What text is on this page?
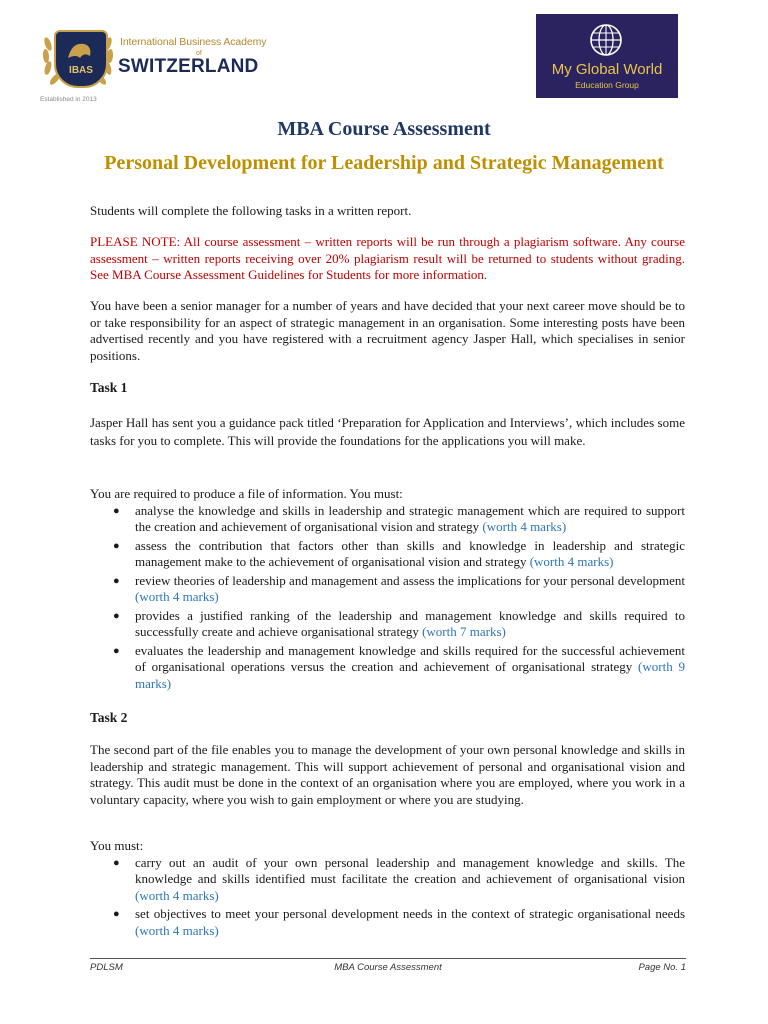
IBAS
International Business Academy
of
SWITZERLAND
Established in 2013
My Global World
Education Group
MBA Course Assessment
Personal Development for Leadership and Strategic Management

Students will complete the following tasks in a written report.

PLEASE NOTE: All course assessment – written reports will be run through a plagiarism software. Any course assessment – written reports receiving over 20% plagiarism result will be returned to students without grading. See MBA Course Assessment Guidelines for Students for more information.

You have been a senior manager for a number of years and have decided that your next career move should be to or take responsibility for an aspect of strategic management in an organisation. Some interesting posts have been advertised recently and you have registered with a recruitment agency Jasper Hall, which specialises in senior positions.

Task 1

Jasper Hall has sent you a guidance pack titled ‘Preparation for Application and Interviews’, which includes some tasks for you to complete. This will provide the foundations for the applications you will make.

You are required to produce a file of information. You must:

● analyse the knowledge and skills in leadership and strategic management which are required to support the creation and achievement of organisational vision and strategy (worth 4 marks)
● assess the contribution that factors other than skills and knowledge in leadership and strategic management make to the achievement of organisational vision and strategy (worth 4 marks)
● review theories of leadership and management and assess the implications for your personal development (worth 4 marks)
● provides a justified ranking of the leadership and management knowledge and skills required to successfully create and achieve organisational strategy (worth 7 marks)
● evaluates the leadership and management knowledge and skills required for the successful achievement of organisational operations versus the creation and achievement of organisational strategy (worth 9 marks)

Task 2

The second part of the file enables you to manage the development of your own personal knowledge and skills in leadership and strategic management. This will support achievement of personal and organisational vision and strategy. This audit must be done in the context of an organisation where you are employed, where you work in a voluntary capacity, where you wish to gain employment or where you are studying.

You must:

● carry out an audit of your own personal leadership and management knowledge and skills. The knowledge and skills identified must facilitate the creation and achievement of organisational vision (worth 4 marks)
● set objectives to meet your personal development needs in the context of strategic organisational needs (worth 4 marks)
PDLSM	MBA Course Assessment	Page No. 1
